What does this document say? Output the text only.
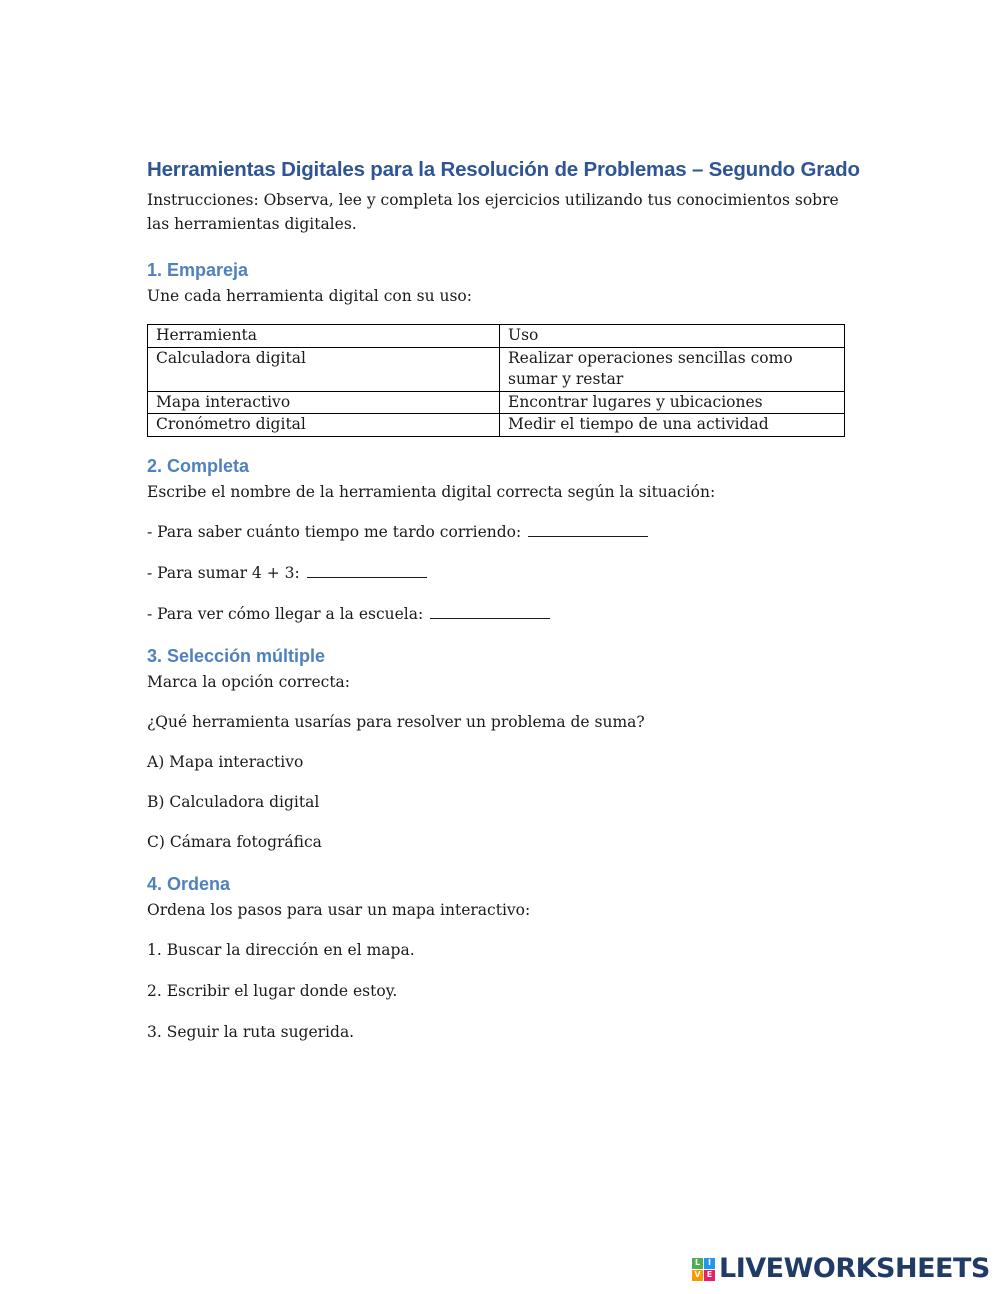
Herramientas Digitales para la Resolución de Problemas – Segundo Grado

Instrucciones: Observa, lee y completa los ejercicios utilizando tus conocimientos sobre las herramientas digitales.

1. Empareja

Une cada herramienta digital con su uso:

Herramienta	Uso
Calculadora digital	Realizar operaciones sencillas como sumar y restar
Mapa interactivo	Encontrar lugares y ubicaciones
Cronómetro digital	Medir el tiempo de una actividad
2. Completa

Escribe el nombre de la herramienta digital correcta según la situación:

- Para saber cuánto tiempo me tardo corriendo:

- Para sumar 4 + 3:

- Para ver cómo llegar a la escuela:

3. Selección múltiple

Marca la opción correcta:

¿Qué herramienta usarías para resolver un problema de suma?

A) Mapa interactivo

B) Calculadora digital

C) Cámara fotográfica

4. Ordena

Ordena los pasos para usar un mapa interactivo:

1. Buscar la dirección en el mapa.

2. Escribir el lugar donde estoy.

3. Seguir la ruta sugerida.

L I
V E LIVEWORKSHEETS
